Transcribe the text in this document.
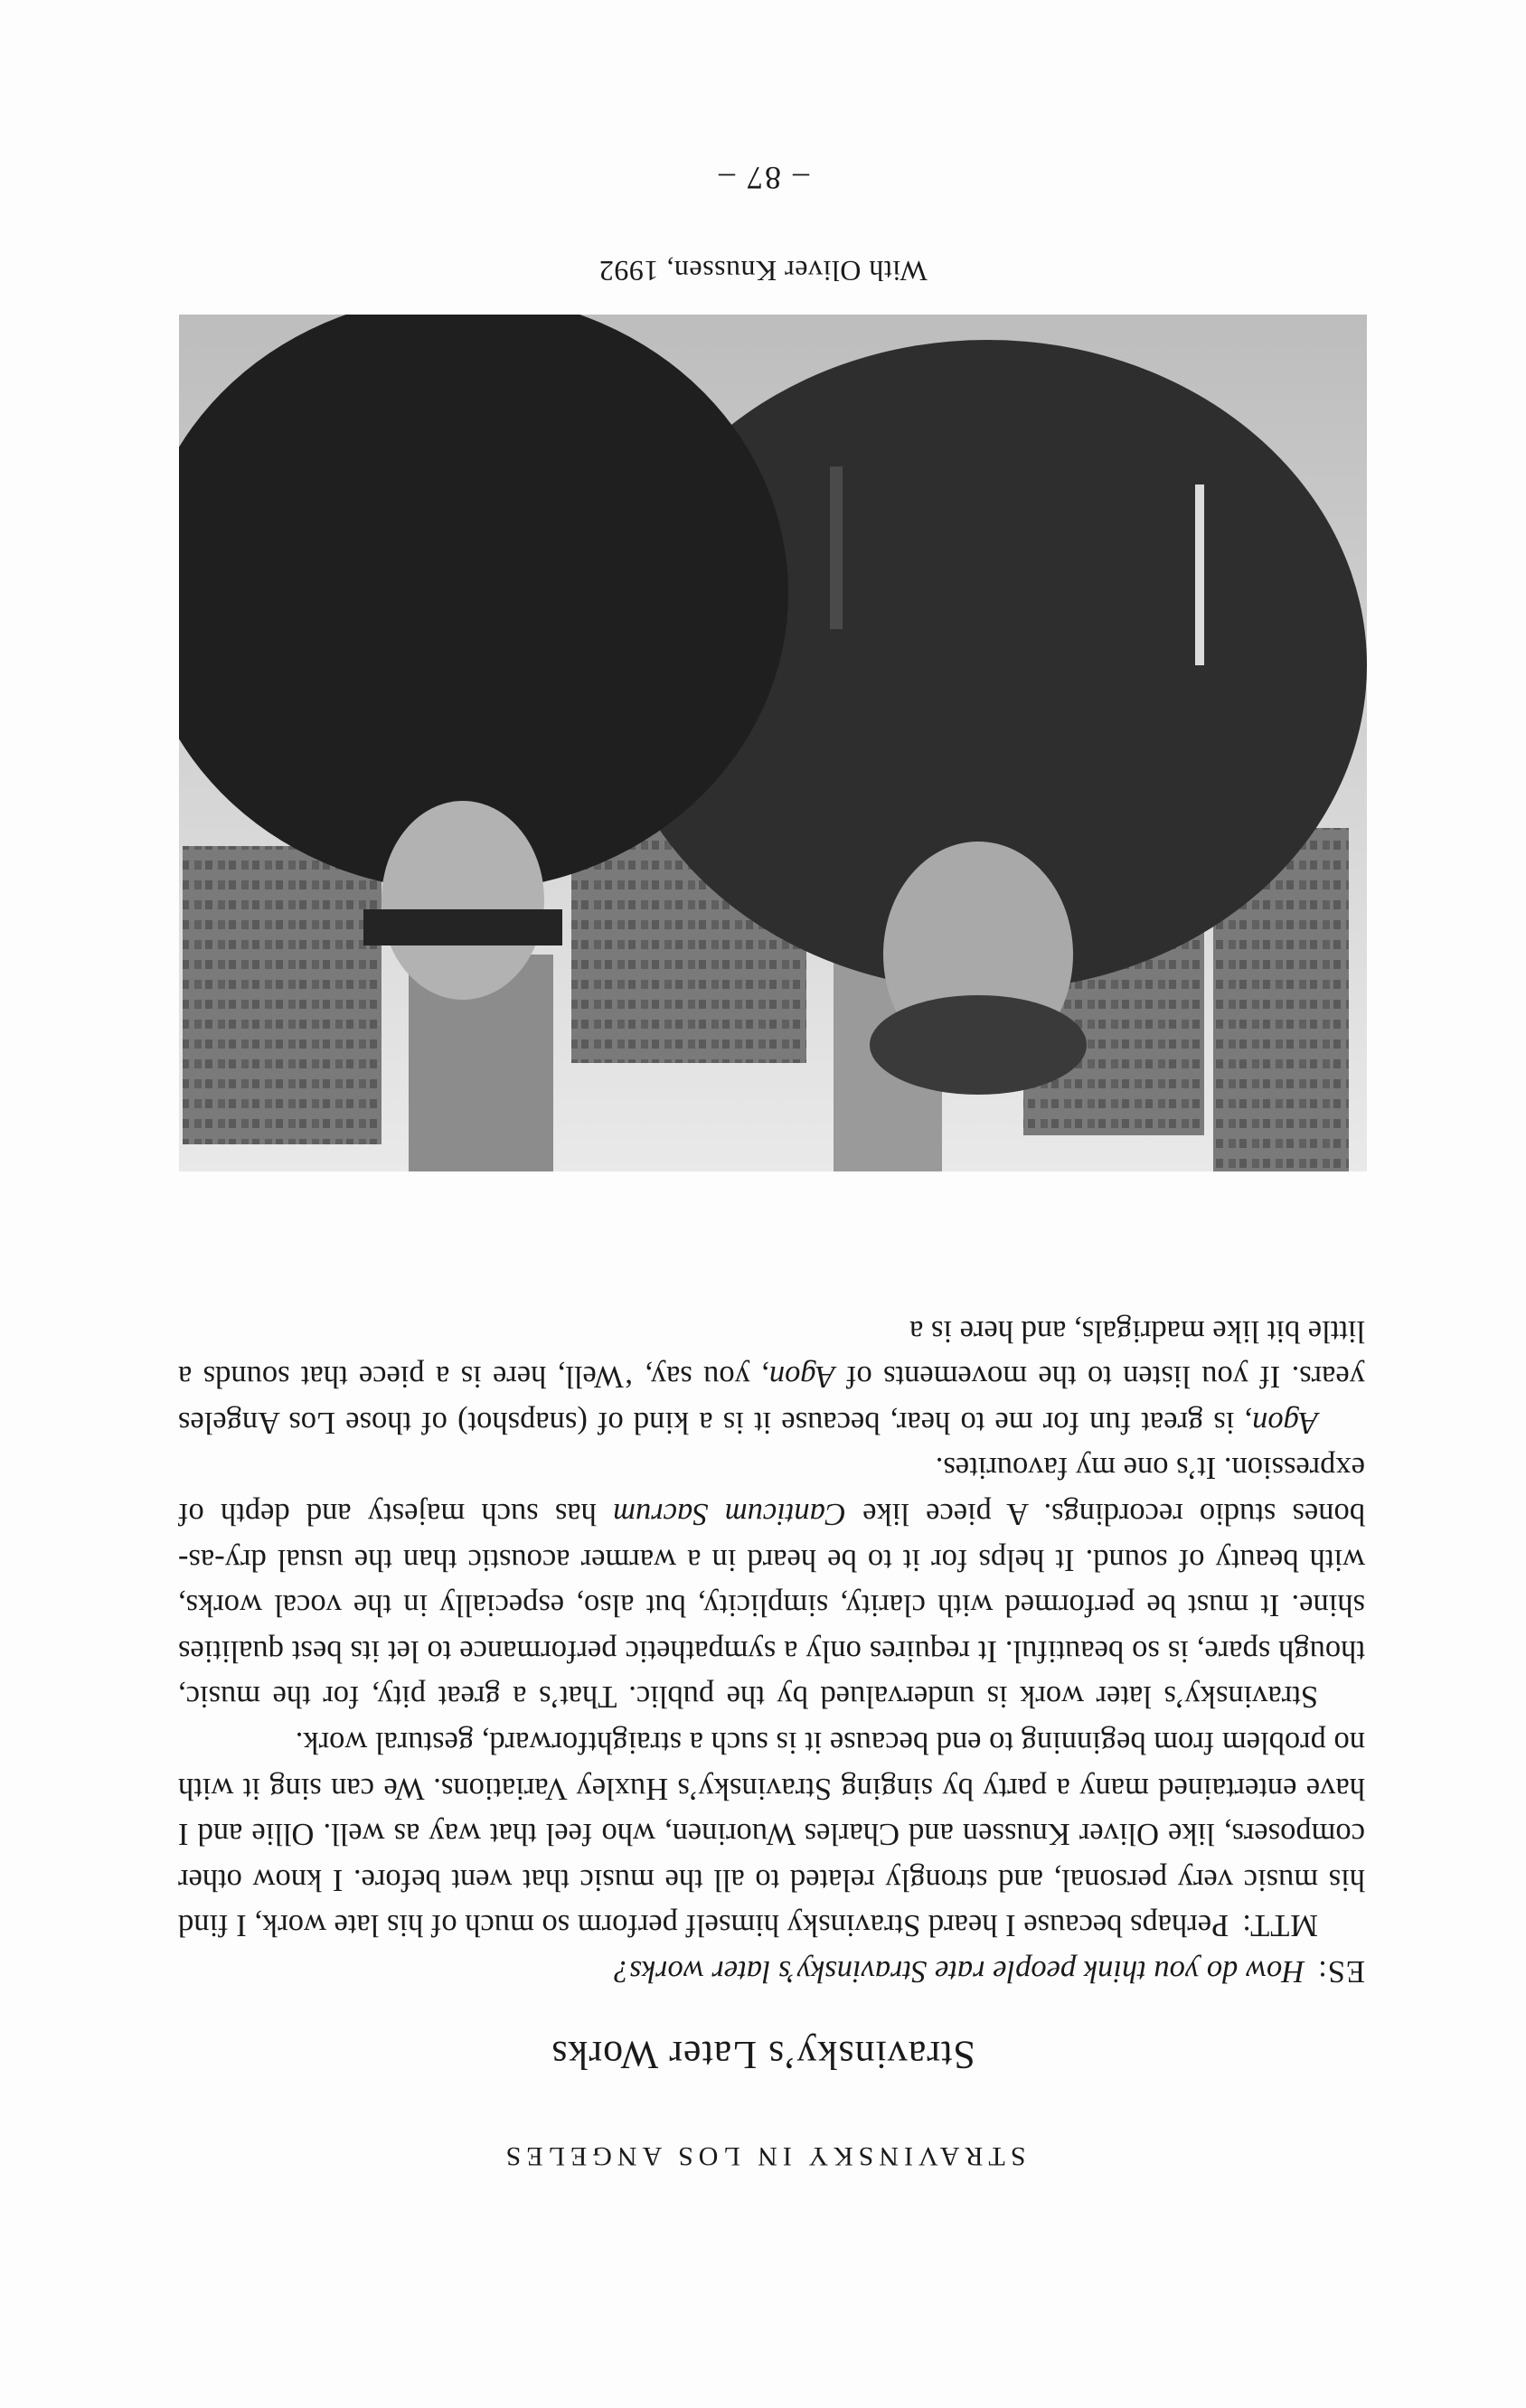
STRAVINSKY IN LOS ANGELES
Stravinsky’s Later Works

ES:How do you think people rate Stravinsky’s later works?

MTT:Perhaps because I heard Stravinsky himself perform so much of his late work, I find his music very personal, and strongly related to all the music that went before. I know other composers, like Oliver Knussen and Charles Wuorinen, who feel that way as well. Ollie and I have entertained many a party by singing Stravinsky’s Huxley Variations. We can sing it with no problem from beginning to end because it is such a straightforward, gestural work.

Stravinsky’s later work is undervalued by the public. That’s a great pity, for the music, though spare, is so beautiful. It requires only a sympathetic performance to let its best qualities shine. It must be performed with clarity, simplicity, but also, especially in the vocal works, with beauty of sound. It helps for it to be heard in a warmer acoustic than the usual dry-as-bones studio recordings. A piece like Canticum Sacrum has such majesty and depth of expression. It’s one my favourites.

Agon, is great fun for me to hear, because it is a kind of (snapshot) of those Los Angeles years. If you listen to the movements of Agon, you say, ‘Well, here is a piece that sounds a little bit like madrigals, and here is a

With Oliver Knussen, 1992
– 87 –
